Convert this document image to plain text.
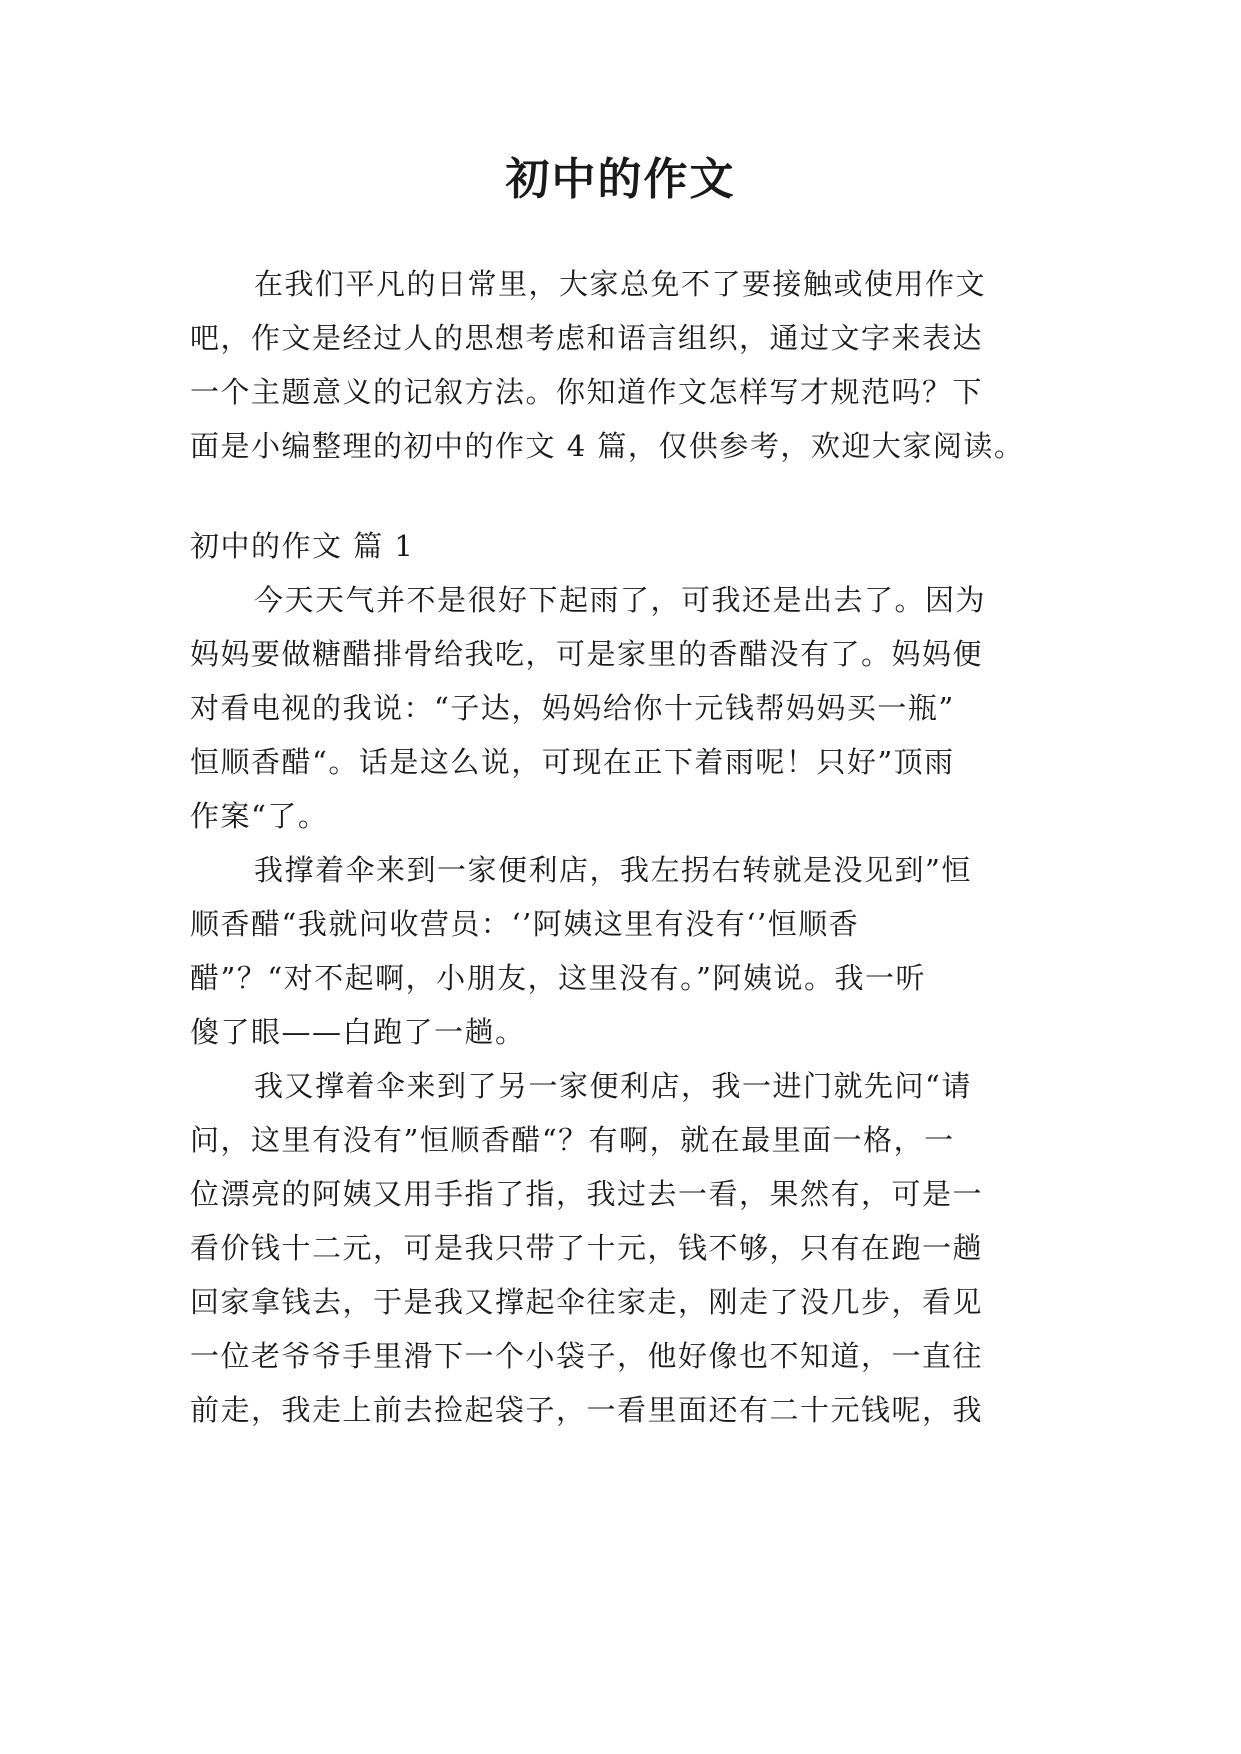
初中的作文
在我们平凡的日常里，大家总免不了要接触或使用作文
吧，作文是经过人的思想考虑和语言组织，通过文字来表达
一个主题意义的记叙方法。你知道作文怎样写才规范吗？下
面是小编整理的初中的作文 4 篇，仅供参考，欢迎大家阅读。
初中的作文 篇 1
今天天气并不是很好下起雨了，可我还是出去了。因为
妈妈要做糖醋排骨给我吃，可是家里的香醋没有了。妈妈便
对看电视的我说：“子达，妈妈给你十元钱帮妈妈买一瓶”
恒顺香醋“。话是这么说，可现在正下着雨呢！只好”顶雨
作案“了。
我撑着伞来到一家便利店，我左拐右转就是没见到”恒
顺香醋“我就问收营员：‘’阿姨这里有没有‘’恒顺香
醋”？“对不起啊，小朋友，这里没有。”阿姨说。我一听
傻了眼——白跑了一趟。
我又撑着伞来到了另一家便利店，我一进门就先问“请
问，这里有没有”恒顺香醋“？有啊，就在最里面一格，一
位漂亮的阿姨又用手指了指，我过去一看，果然有，可是一
看价钱十二元，可是我只带了十元，钱不够，只有在跑一趟
回家拿钱去，于是我又撑起伞往家走，刚走了没几步，看见
一位老爷爷手里滑下一个小袋子，他好像也不知道，一直往
前走，我走上前去捡起袋子，一看里面还有二十元钱呢，我
